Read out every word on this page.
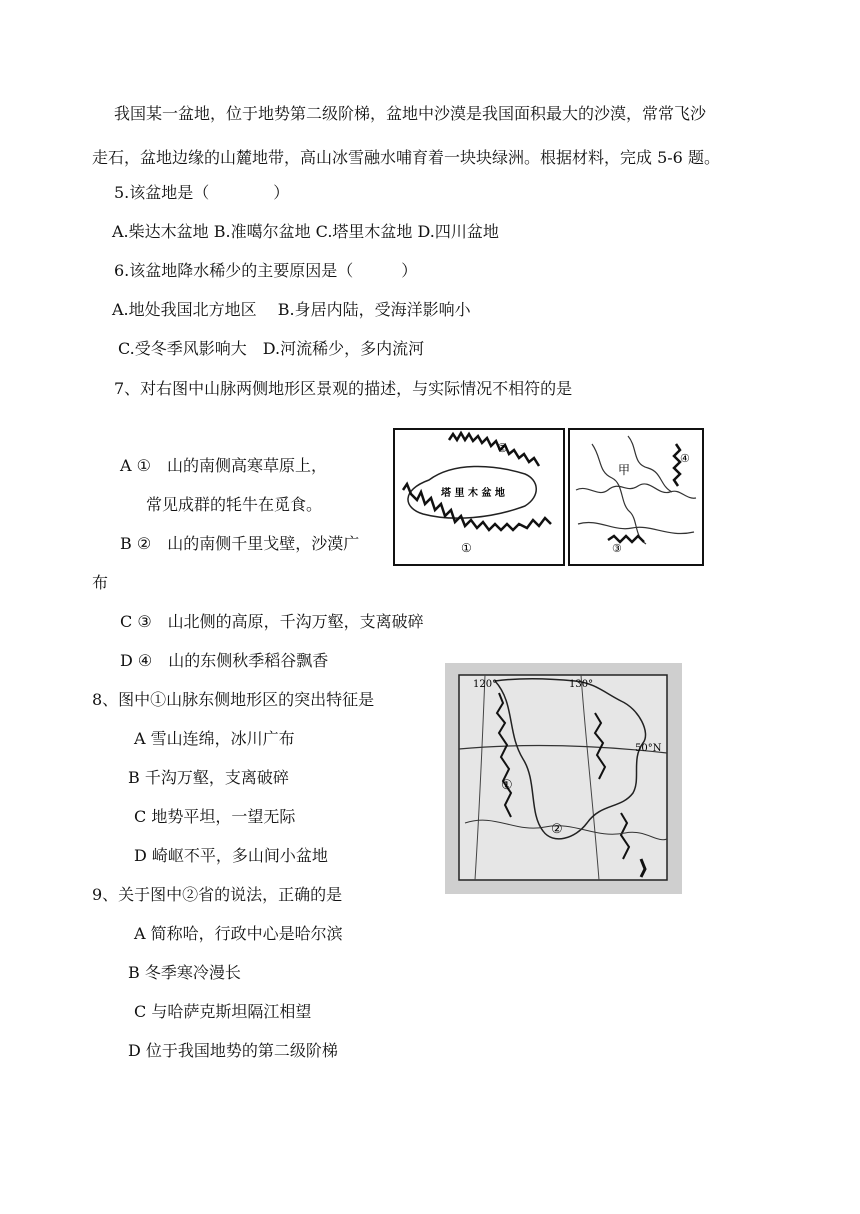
我国某一盆地，位于地势第二级阶梯，盆地中沙漠是我国面积最大的沙漠，常常飞沙
走石，盆地边缘的山麓地带，高山冰雪融水哺育着一块块绿洲。根据材料，完成 5-6 题。
5.该盆地是（　　　　）
A.柴达木盆地 B.准噶尔盆地 C.塔里木盆地 D.四川盆地
6.该盆地降水稀少的主要原因是（　　　）
A.地处我国北方地区　 B.身居内陆，受海洋影响小
C.受冬季风影响大　D.河流稀少，多内流河
7、对右图中山脉两侧地形区景观的描述，与实际情况不相符的是
A ①　山的南侧高寒草原上，
常见成群的牦牛在觅食。
B ②　山的南侧千里戈壁，沙漠广
布
C ③　山北侧的高原，千沟万壑，支离破碎
D ④　山的东侧秋季稻谷飘香
8、图中①山脉东侧地形区的突出特征是
A 雪山连绵，冰川广布
B 千沟万壑，支离破碎
C 地势平坦，一望无际
D 崎岖不平，多山间小盆地
9、关于图中②省的说法，正确的是
A 简称哈，行政中心是哈尔滨
B 冬季寒冷漫长
C 与哈萨克斯坦隔江相望
D 位于我国地势的第二级阶梯
塔 里 木 盆 地
②
①
甲
④
③
120°	130°
50°N
①
②
